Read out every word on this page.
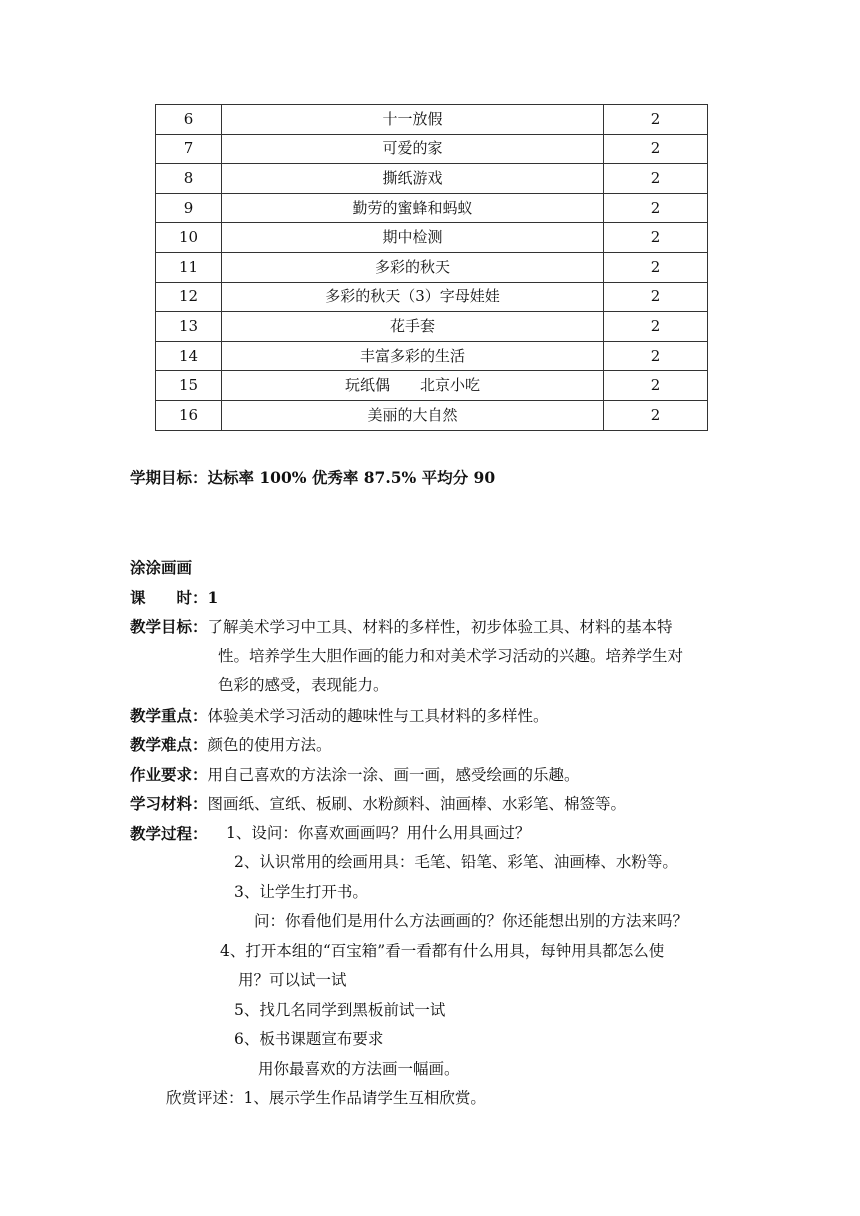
6	十一放假	2
7	可爱的家	2
8	撕纸游戏	2
9	勤劳的蜜蜂和蚂蚁	2
10	期中检测	2
11	多彩的秋天	2
12	多彩的秋天（3）字母娃娃	2
13	花手套	2
14	丰富多彩的生活	2
15	玩纸偶　　北京小吃	2
16	美丽的大自然	2
学期目标：达标率 100% 优秀率 87.5% 平均分 90
涂涂画画
课　　时：1
教学目标：了解美术学习中工具、材料的多样性，初步体验工具、材料的基本特
性。培养学生大胆作画的能力和对美术学习活动的兴趣。培养学生对
色彩的感受，表现能力。
教学重点：体验美术学习活动的趣味性与工具材料的多样性。
教学难点：颜色的使用方法。
作业要求：用自己喜欢的方法涂一涂、画一画，感受绘画的乐趣。
学习材料：图画纸、宣纸、板刷、水粉颜料、油画棒、水彩笔、棉签等。
教学过程： 1、设问：你喜欢画画吗？用什么用具画过？
2、认识常用的绘画用具：毛笔、铅笔、彩笔、油画棒、水粉等。
3、让学生打开书。
问：你看他们是用什么方法画画的？你还能想出别的方法来吗？
4、打开本组的“百宝箱”看一看都有什么用具，每钟用具都怎么使
用？可以试一试
5、找几名同学到黑板前试一试
6、板书课题宣布要求
用你最喜欢的方法画一幅画。
欣赏评述：1、展示学生作品请学生互相欣赏。
